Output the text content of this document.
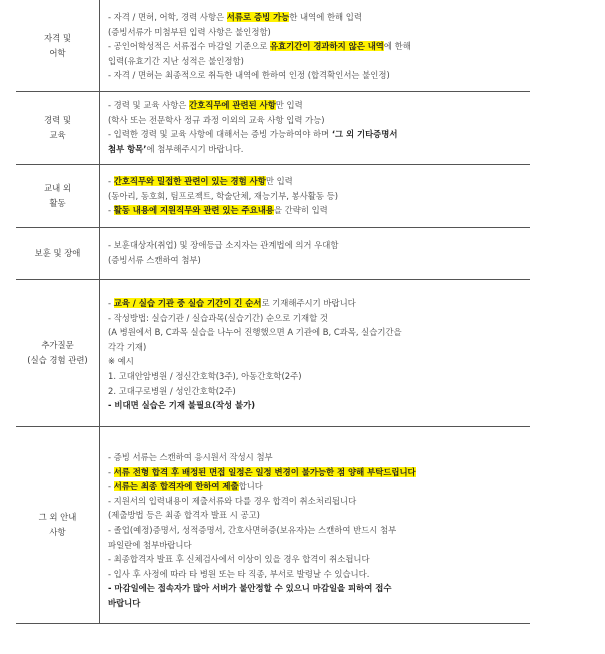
자격 및
어학
- 자격 / 면허, 어학, 경력 사항은 서류로 증빙 가능한 내역에 한해 입력
(증빙서류가 미첨부된 입력 사항은 불인정함)
- 공인어학성적은 서류접수 마감일 기준으로 유효기간이 경과하지 않은 내역에 한해
입력(유효기간 지난 성적은 불인정함)
- 자격 / 면허는 최종적으로 취득한 내역에 한하여 인정 (합격확인서는 불인정)
경력 및
교육
- 경력 및 교육 사항은 간호직무에 관련된 사항만 입력
(학사 또는 전문학사 정규 과정 이외의 교육 사항 입력 가능)
- 입력한 경력 및 교육 사항에 대해서는 증빙 가능하여야 하며 ‘그 외 기타증명서
첨부 항목’에 첨부해주시기 바랍니다.
교내 외
활동
- 간호직무와 밀접한 관련이 있는 경험 사항만 입력
(동아리, 동호회, 팀프로젝트, 학술단체, 재능기부, 봉사활동 등)
- 활동 내용에 지원직무와 관련 있는 주요내용을 간략히 입력
보훈 및 장애
- 보훈대상자(취업) 및 장애등급 소지자는 관계법에 의거 우대함
(증빙서류 스캔하여 첨부)
추가질문
(실습 경험 관련)
- 교육 / 실습 기관 중 실습 기간이 긴 순서로 기재해주시기 바랍니다
- 작성방법: 실습기관 / 실습과목(실습기간) 순으로 기재할 것
(A 병원에서 B, C과목 실습을 나누어 진행했으면 A 기관에 B, C과목, 실습기간을
각각 기재)
※ 예시
1. 고대안암병원 / 정신간호학(3주), 아동간호학(2주)
2. 고대구로병원 / 성인간호학(2주)
- 비대면 실습은 기재 불필요(작성 불가)
그 외 안내
사항
- 증빙 서류는 스캔하여 응시원서 작성시 첨부
- 서류 전형 합격 후 배정된 면접 일정은 일정 변경이 불가능한 점 양해 부탁드립니다
- 서류는 최종 합격자에 한하여 제출합니다
- 지원서의 입력내용이 제출서류와 다를 경우 합격이 취소처리됩니다
(제출방법 등은 최종 합격자 발표 시 공고)
- 졸업(예정)증명서, 성적증명서, 간호사면허증(보유자)는 스캔하여 반드시 첨부
파일란에 첨부바랍니다
- 최종합격자 발표 후 신체검사에서 이상이 있을 경우 합격이 취소됩니다
- 입사 후 사정에 따라 타 병원 또는 타 직종, 부서로 발령날 수 있습니다.
- 마감일에는 접속자가 많아 서버가 불안정할 수 있으니 마감일을 피하여 접수
바랍니다
